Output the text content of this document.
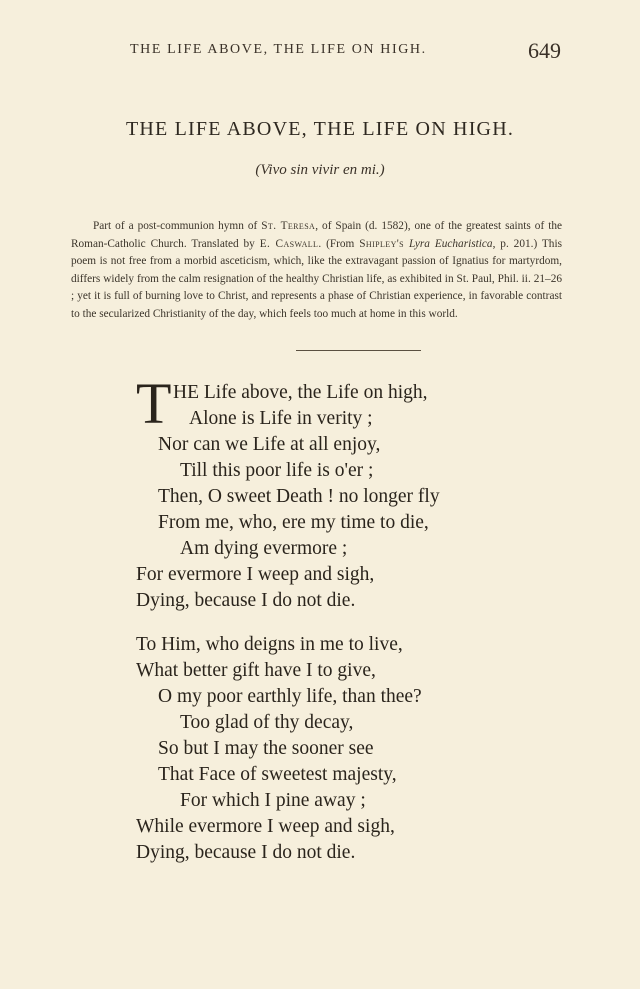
THE LIFE ABOVE, THE LIFE ON HIGH.	649
THE LIFE ABOVE, THE LIFE ON HIGH.
(Vivo sin vivir en mi.)

Part of a post-communion hymn of St. Teresa, of Spain (d. 1582), one of the greatest saints of the Roman-Catholic Church. Translated by E. Caswall. (From Shipley's Lyra Eucharistica, p. 201.) This poem is not free from a morbid asceticism, which, like the extravagant passion of Ignatius for martyrdom, differs widely from the calm resignation of the healthy Christian life, as exhibited in St. Paul, Phil. ii. 21–26 ; yet it is full of burning love to Christ, and represents a phase of Christian experience, in favorable contrast to the secularized Christianity of the day, which feels too much at home in this world.

T HE Life above, the Life on high,
Alone is Life in verity ;
Nor can we Life at all enjoy,
Till this poor life is o'er ;
Then, O sweet Death ! no longer fly
From me, who, ere my time to die,
Am dying evermore ;
For evermore I weep and sigh,
Dying, because I do not die.
To Him, who deigns in me to live,
What better gift have I to give,
O my poor earthly life, than thee?
Too glad of thy decay,
So but I may the sooner see
That Face of sweetest majesty,
For which I pine away ;
While evermore I weep and sigh,
Dying, because I do not die.
